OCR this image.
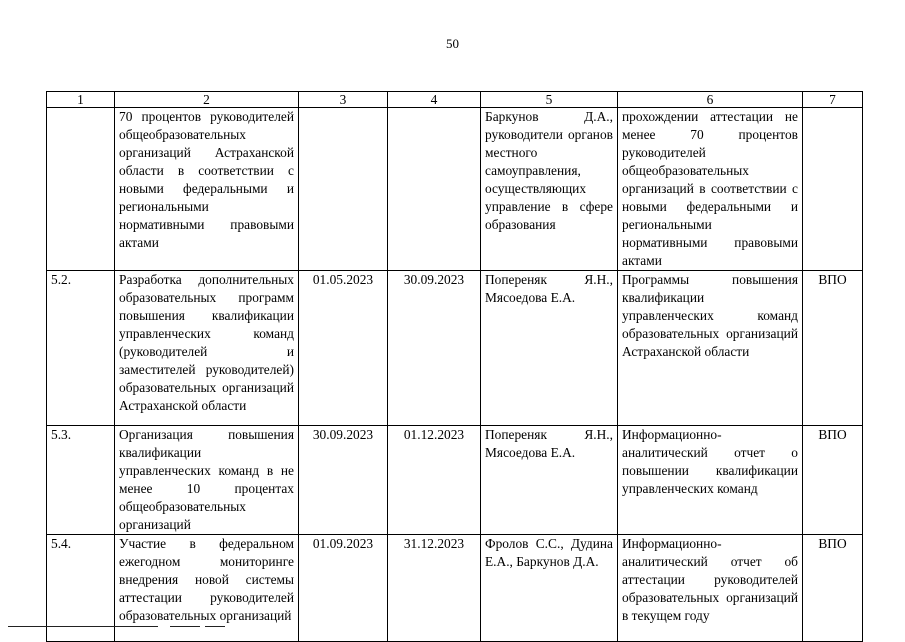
50
1	2	3	4	5	6	7
	70 процентов руководителей общеобразовательных организаций Астраханской области в соответствии с новыми федеральными и региональными нормативными правовыми актами			Баркунов Д.А., руководители органов местного самоуправления, осуществляющих управление в сфере образования	прохождении аттестации не менее 70 процентов руководителей общеобразовательных организаций в соответствии с новыми федеральными и региональными нормативными правовыми актами	
5.2.	Разработка дополнительных образовательных программ повышения квалификации управленческих команд (руководителей и заместителей руководителей) образовательных организаций Астраханской области	01.05.2023	30.09.2023	Попереняк Я.Н., Мясоедова Е.А.	Программы повышения квалификации управленческих команд образовательных организаций Астраханской области	ВПО
5.3.	Организация повышения квалификации управленческих команд в не менее 10 процентах общеобразовательных организаций	30.09.2023	01.12.2023	Попереняк Я.Н., Мясоедова Е.А.	Информационно-аналитический отчет о повышении квалификации управленческих команд	ВПО
5.4.	Участие в федеральном ежегодном мониторинге внедрения новой системы аттестации руководителей образовательных организаций	01.09.2023	31.12.2023	Фролов С.С., Дудина Е.А., Баркунов Д.А.	Информационно-аналитический отчет об аттестации руководителей образовательных организаций в текущем году	ВПО
